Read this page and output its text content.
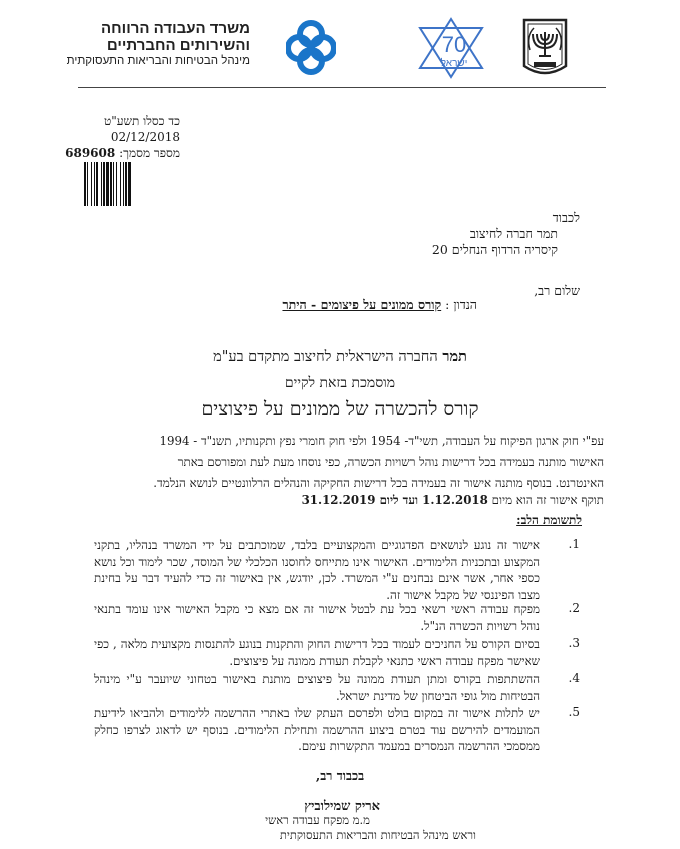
משרד העבודה הרווחה
והשירותים החברתיים
מינהל הבטיחות והבריאות התעסוקתית
70
ישראל
כד כסלו תשע"ט
02/12/2018
מספר מסמך: 689608
לכבוד
תמר חברה לחיצוב
קיסריה הרדוף הנחלים 20
שלום רב,
הנדון : קורס ממונים על פיצומים - היתר
תמר החברה הישראלית לחיצוב מתקדם בע"מ
מוסמכת בזאת לקיים
קורס להכשרה של ממונים על פיצוצים
עפ"י חוק ארגון הפיקוח על העבודה, תשי"ד- 1954 ולפי חוק חומרי נפץ ותקנותיו, תשנ"ד - 1994
האישור מותנה בעמידה בכל דרישות נוהל רשויות הכשרה, כפי נוסחו מעת לעת ומפורסם באתר
האינטרנט. בנוסף מותנה אישור זה בעמידה בכל דרישות החקיקה והנהלים הרלוונטיים לנושא הנלמד.
תוקף אישור זה הוא מיום 1.12.2018 ועד ליום 31.12.2019
לתשומת הלב:
1.
אישור זה נוגע לנושאים הפדגוגיים והמקצועיים בלבד, שמוכתבים על ידי המשרד בנהליו, בתקני המקצוע ובתכניות הלימודים. האישור אינו מתייחס לחוסנו הכלכלי של המוסד, שכר לימוד וכל נושא כספי אחר, אשר אינם נבחנים ע"י המשרד. לכן, יודגש, אין באישור זה כדי להעיד דבר על בחינת מצבו הפיננסי של מקבל אישור זה.
2.
מפקח עבודה ראשי רשאי בכל עת לבטל אישור זה אם מצא כי מקבל האישור אינו עומד בתנאי נוהל רשויות הכשרה הנ"ל.
3.
בסיום הקורס על החניכים לעמוד בכל דרישות החוק והתקנות בנוגע להתנסות מקצועית מלאה , כפי שאישר מפקח עבודה ראשי כתנאי לקבלת תעודת ממונה על פיצוצים.
4.
ההשתתפות בקורס ומתן תעודת ממונה על פיצוצים מותנת באישור בטחוני שיועבר ע"י מינהל הבטיחות מול גופי הביטחון של מדינת ישראל.
5.
יש לתלות אישור זה במקום בולט ולפרסם העתק שלו באתרי ההרשמה ללימודים ולהביאו לידיעת המועמדים להירשם עוד בטרם ביצוע ההרשמה ותחילת הלימודים. בנוסף יש לדאוג לצרפו כחלק ממסמכי ההרשמה הנמסרים במעמד התקשרות עימם.
בכבוד רב,
אריק שמילוביץ
מ.מ מפקח עבודה ראשי
וראש מינהל הבטיחות והבריאות התעסוקתית
